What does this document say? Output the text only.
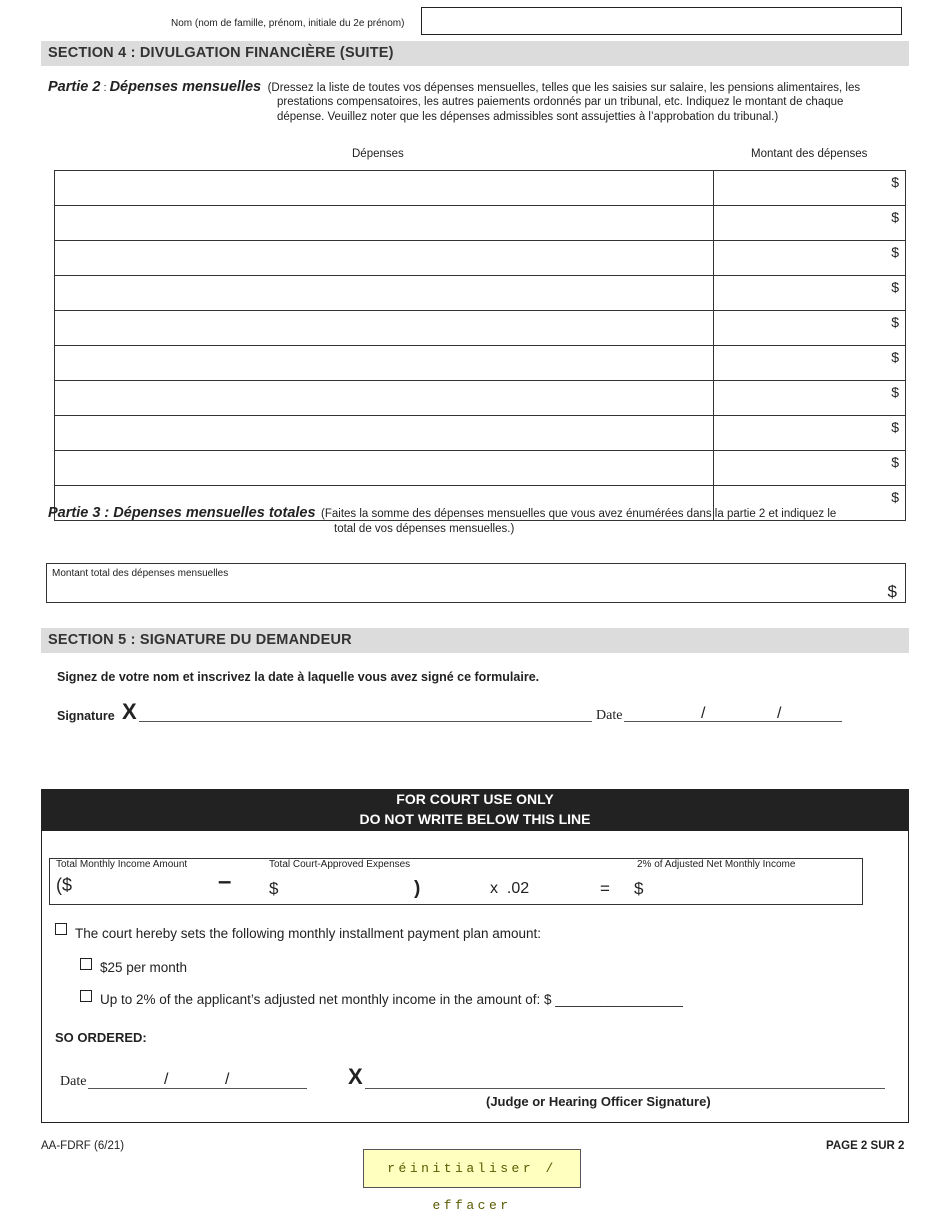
Nom (nom de famille, prénom, initiale du 2e prénom)
SECTION 4 : DIVULGATION FINANCIÈRE (SUITE)
Partie 2 : Dépenses mensuelles (Dressez la liste de toutes vos dépenses mensuelles, telles que les saisies sur salaire, les pensions alimentaires, les
prestations compensatoires, les autres paiements ordonnés par un tribunal, etc. Indiquez le montant de chaque
dépense. Veuillez noter que les dépenses admissibles sont assujetties à l’approbation du tribunal.)
Dépenses	Montant des dépenses
	$
	$
	$
	$
	$
	$
	$
	$
	$
	$
Partie 3 : Dépenses mensuelles totales (Faites la somme des dépenses mensuelles que vous avez énumérées dans la partie 2 et indiquez le
total de vos dépenses mensuelles.)
Montant total des dépenses mensuelles
$
SECTION 5 : SIGNATURE DU DEMANDEUR
Signez de votre nom et inscrivez la date à laquelle vous avez signé ce formulaire.
Signature X	Date	/	/
FOR COURT USE ONLY
DO NOT WRITE BELOW THIS LINE
Total Monthly Income Amount	Total Court-Approved Expenses	2% of Adjusted Net Monthly Income
($	– $	)	x  .02	= $
The court hereby sets the following monthly installment payment plan amount:
$25 per month
Up to 2% of the applicant’s adjusted net monthly income in the amount of: $ _________________
SO ORDERED:
Date	/	/	X
(Judge or Hearing Officer Signature)
AA-FDRF (6/21)	PAGE 2 SUR 2
réinitialiser / effacer
